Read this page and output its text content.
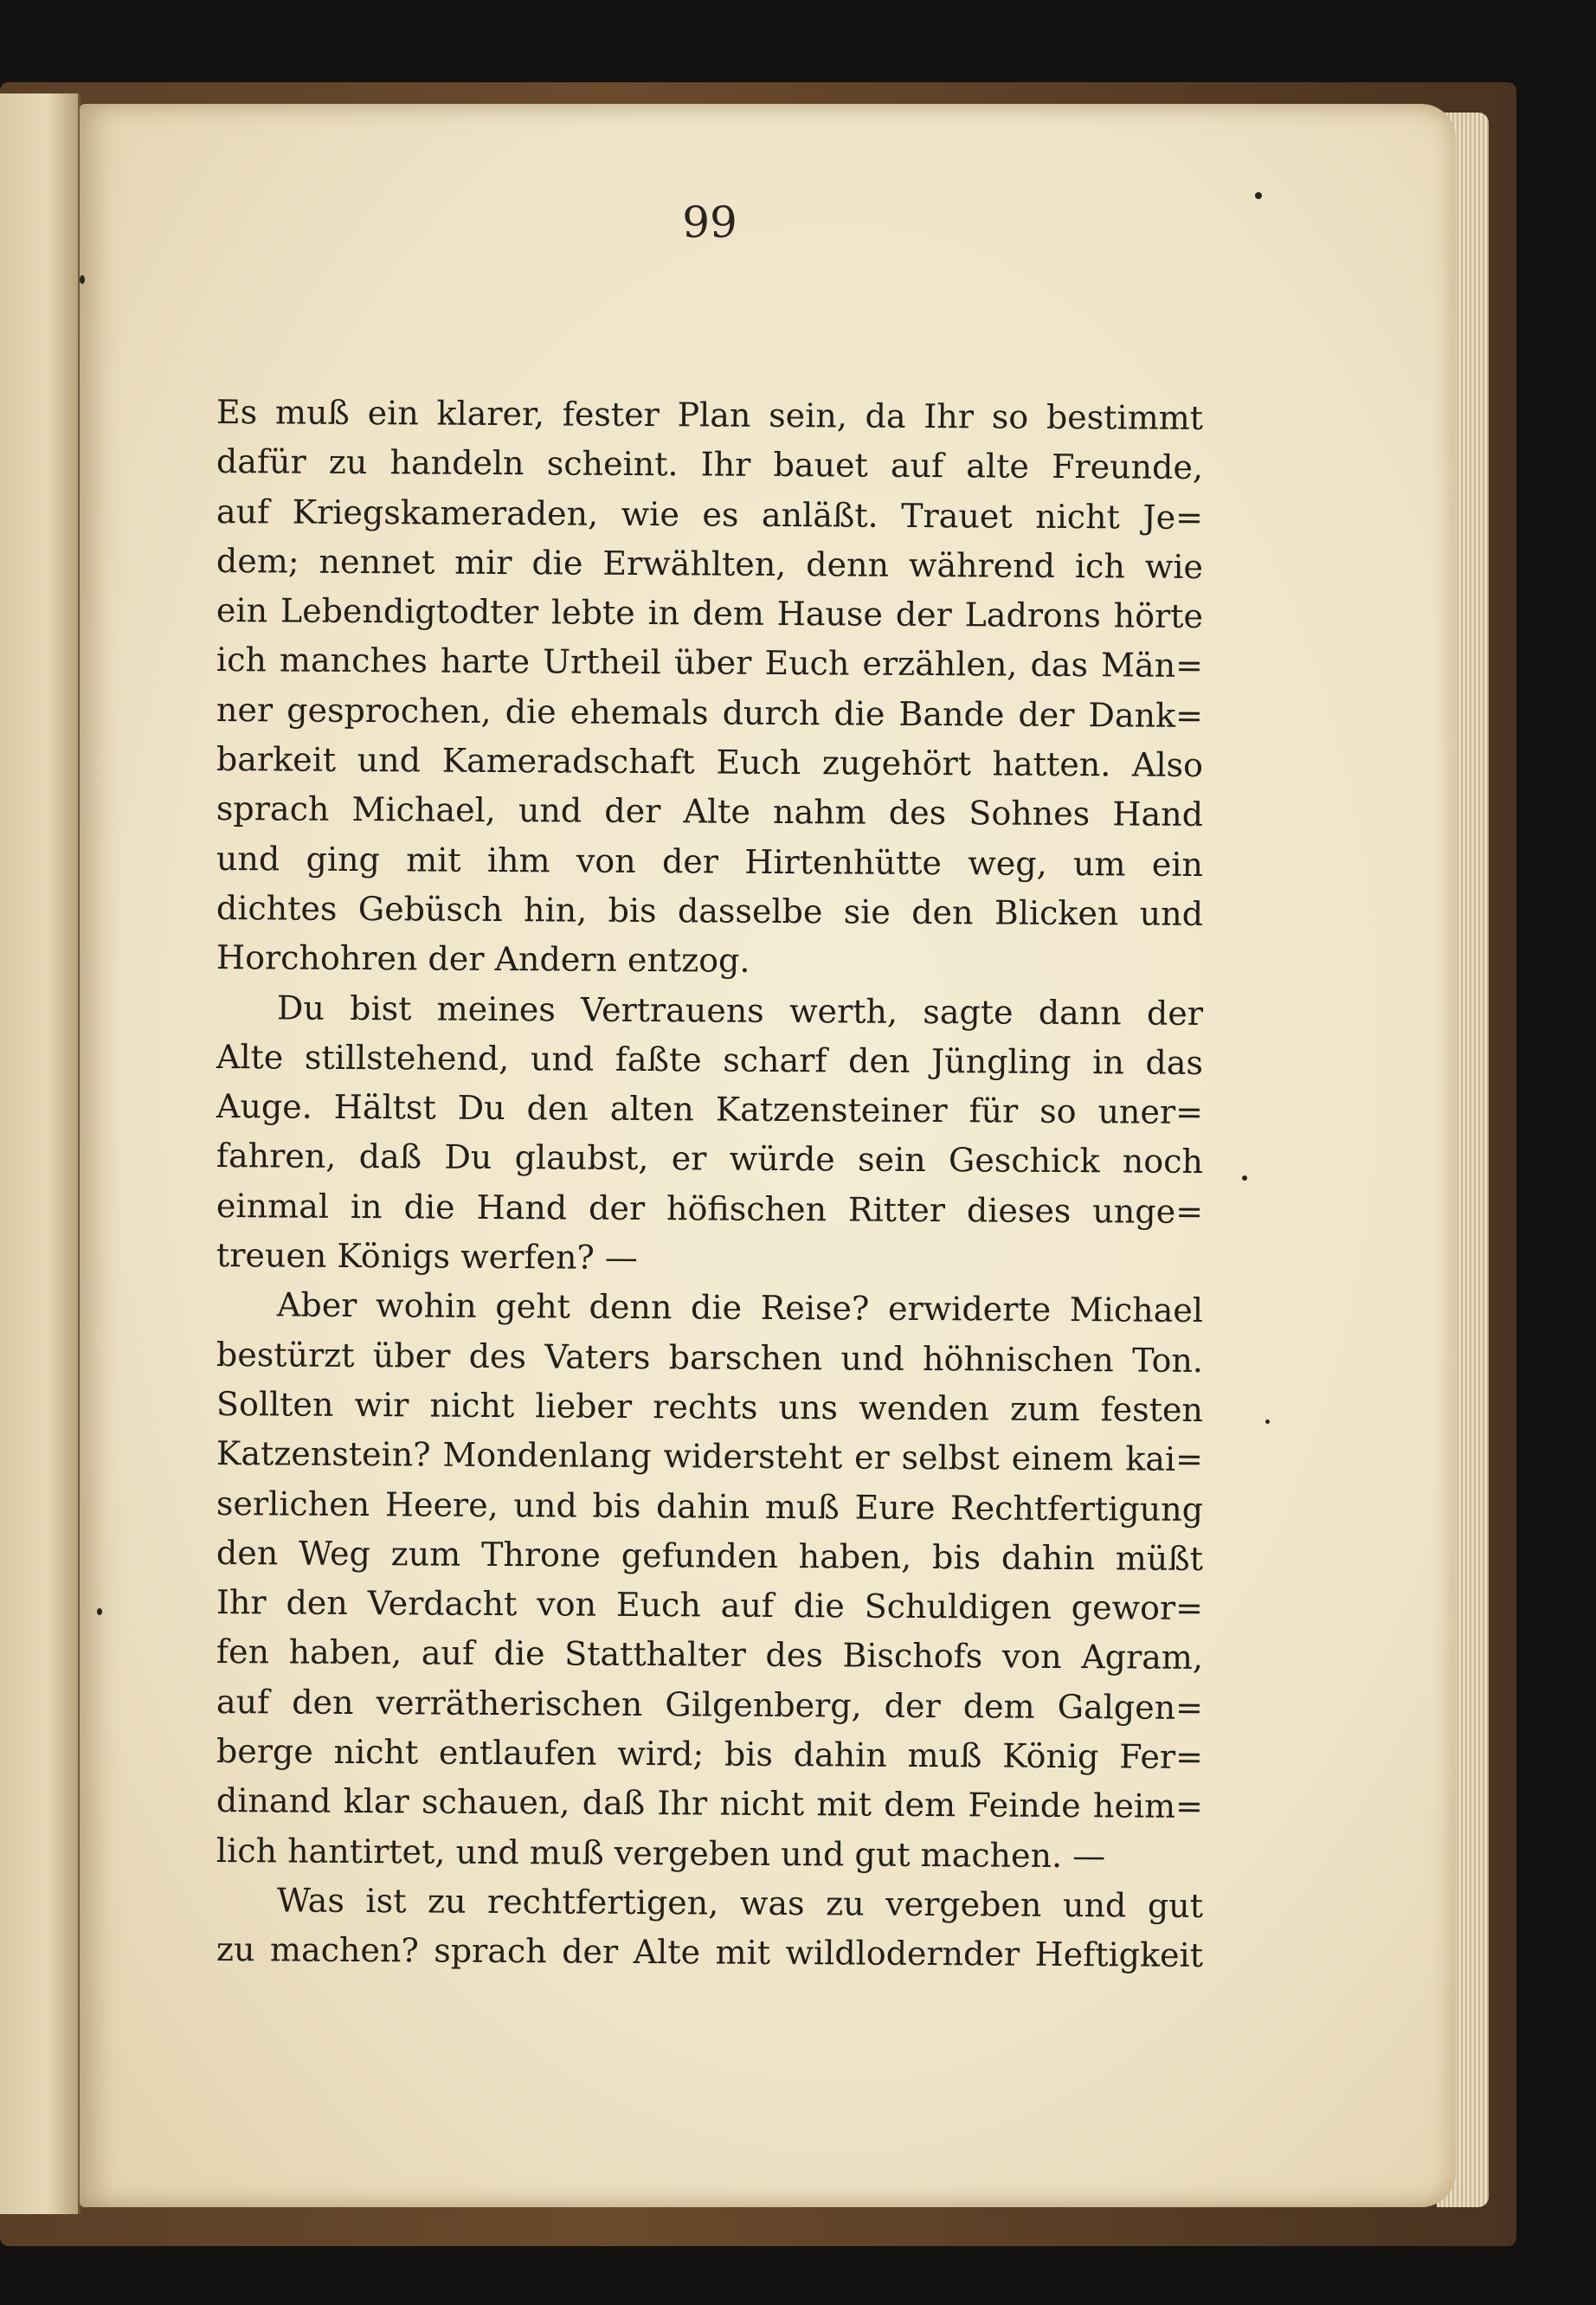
99
Es muß ein klarer, fester Plan sein, da Ihr so bestimmt
dafür zu handeln scheint. Ihr bauet auf alte Freunde,
auf Kriegskameraden, wie es anläßt. Trauet nicht Je=
dem; nennet mir die Erwählten, denn während ich wie
ein Lebendigtodter lebte in dem Hause der Ladrons hörte
ich manches harte Urtheil über Euch erzählen, das Män=
ner gesprochen, die ehemals durch die Bande der Dank=
barkeit und Kameradschaft Euch zugehört hatten. Also
sprach Michael, und der Alte nahm des Sohnes Hand
und ging mit ihm von der Hirtenhütte weg, um ein
dichtes Gebüsch hin, bis dasselbe sie den Blicken und
Horchohren der Andern entzog.
Du bist meines Vertrauens werth, sagte dann der
Alte stillstehend, und faßte scharf den Jüngling in das
Auge. Hältst Du den alten Katzensteiner für so uner=
fahren, daß Du glaubst, er würde sein Geschick noch
einmal in die Hand der höfischen Ritter dieses unge=
treuen Königs werfen? —
Aber wohin geht denn die Reise? erwiderte Michael
bestürzt über des Vaters barschen und höhnischen Ton.
Sollten wir nicht lieber rechts uns wenden zum festen
Katzenstein? Mondenlang widersteht er selbst einem kai=
serlichen Heere, und bis dahin muß Eure Rechtfertigung
den Weg zum Throne gefunden haben, bis dahin müßt
Ihr den Verdacht von Euch auf die Schuldigen gewor=
fen haben, auf die Statthalter des Bischofs von Agram,
auf den verrätherischen Gilgenberg, der dem Galgen=
berge nicht entlaufen wird; bis dahin muß König Fer=
dinand klar schauen, daß Ihr nicht mit dem Feinde heim=
lich hantirtet, und muß vergeben und gut machen. —
Was ist zu rechtfertigen, was zu vergeben und gut
zu machen? sprach der Alte mit wildlodernder Heftigkeit
